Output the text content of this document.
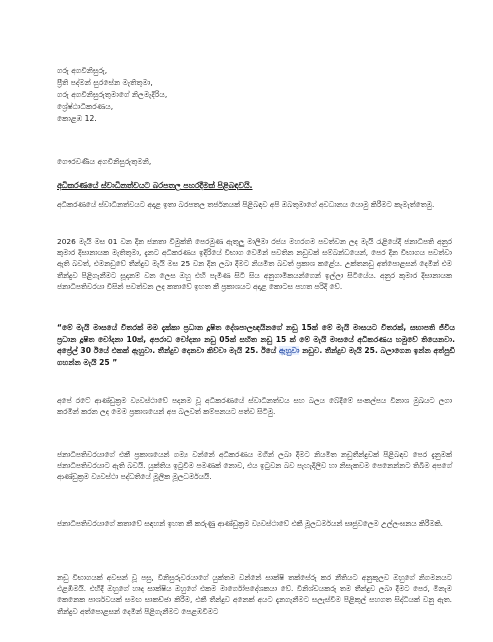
ගරු අගවිනිසුරු,
ප්‍රීති පද්මන් සුරසේන මැතිතුමා,
ගරු අගවිනිසුරුතුමාගේ නිලමැදිරිය,
ශ්‍රේෂ්ඨාධිකරණය,
කොළඹ 12.
ගෞරවණීය අගවිනිසුරුතුමනි,
අධිකරණයේ ස්වාධීනත්වයට බරපතල පහරදීමක් පිළිබඳවයි.

අධිකරණයේ ස්වාධීනත්වයට අදාළ ඉතා බරපතල තර්ජනයක් පිළිබඳව අපි ඔබතුමාගේ අවධානය යොමු කිරීමට කැමැත්තෙමු.

2026 මැයි මස 01 වන දින ජනතා විමුක්ති පෙරමුණ ඇතුලු මාලිමා රජය මහරගම පවත්වන ලද මැයි රැළියේදී ජනාධිපති අනුර කුමාර දිසානායක මැතිතුමා, දැනට අධිකරණය ඉදිරියේ විභාග වෙමින් පවතින නඩුවක් සම්බන්ධයෙන්, පෙර දින විභාගය පවත්වා ඇති බවත්, එමනඩුවේ තීන්දුව මැයි මස 25 වන දින ලබා දීමට නියමිත බවත් ප්‍රකාශ කළේය. උක්තනඩු අත්පොළසන් දෙමින් එම තීන්දුව පිළිගැනීමට සූදානම් වන ලෙස ඔහු එහි පැමිණ සිටි සිය අනුගාමිකයන්ගෙන් ඉල්ලා සිටියේය. අනුර කුමාර දිසානායක ජනාධිපතිවරයා විසින් පවත්වන ලද කතාවේ ඉහත කී ප්‍රකාශයට අදාළ කොටස පහත පරිදි වේ.

“මේ මැයි මාසයේ විතරක් මම දැක්කා ප්‍රධාන දූෂිත දේශපාලඥයිනගේ නඩු 15ක් මේ මැයි මාසයට විතරක්, සභාපති ජිවිය ප්‍රධාන දූෂිත චෝදනා 10ක්, අපරාධ චෝදනා නඩු 05ක් සහිත නඩු 15 ක් මේ මැයි මාසයේ අධිකරණය හමුවේ තියෙනවා. අප්‍රේල් 30 ඊයේ එකක් ඇහුවා. තීන්දුව දෙනවා කිව්වා මැයි 25. ඊයේ ඇහුවා නඩුව. තීන්දුව මැයි 25. බලාගෙන ඉන්න අත්පුඩි ගහන්න මැයි 25 ”

අපේ රටේ ආණ්ඩුක්‍රම ව්‍යවස්ථාවේ පදනම වූ අධිකරණයේ ස්වාධීනත්වය සහ බලය බේදීමේ සංකල්පය විනාශ මුඛයට ලගා කරමින් කරන ලද මෙම ප්‍රකාශයෙන් අප බලවත් කම්පනයට පත්ව සිටිමු.

ජනාධිපතිවරයාගේ එකී ප්‍රකාශයෙන් ගම්‍ය වන්නේ අධිකරණය මගින් ලබා දීමට නියමිත නඩුතීන්දුවක් පිළිබඳව පෙර දැනුමක් ජනාධිපතිවරයාට ඇති බවයි. යුක්තිය ඉටුවීම පමණක් නොව, එය ඉටුවන බව පැහැදිලිව හා නිසැකවම පෙනෙන්නට තිබීම අපගේ ආණ්ඩුක්‍රම ව්‍යවස්ථා පද්ධතියේ මූලික මූලධර්මයයි.

ජනාධිපතිවරයාගේ කතාවේ සඳහන් ඉහත කී කරුණු ආණ්ඩුක්‍රම ව්‍යවස්ථාවේ එකී මූලධර්මයන් සෘජුවලෙම උල්ලංඝනය කිරීමකි.

නඩු විභාගයක් අවසන් වූ පසු, විනිසුරුවරයාගේ යුක්තම වන්නේ සාක්ෂි තක්සේරු කර නීතියට අනුකූලව ඔහුගේ නිගමනයට එළඹීමයි. එහිදී ඔහුගේ හෘද සාක්ෂිය ඔහුගේ එකම මාර්ගෝපදේශකයා වේ. විනිශ්චයකරු තම තීන්දුව ලබා දීමට පෙර, මීනැම කෙනෙක පාර්ශවයක් සමඟ සාකච්ඡා කිරීම, එකී තීන්දුව අනෙක් අයට දැනගැනීමට සලැස්වීම පිළිකුල් සහගත සිද්ධියක් වනු ඇත. තීන්දුව අත්පොළසන් දෙමින් පිළිගැනීමට පෙළඹවීමට
